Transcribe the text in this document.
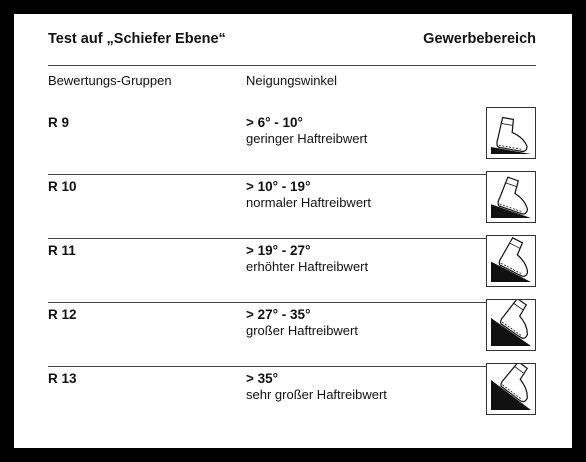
Test auf „Schiefer Ebene“	Gewerbebereich
Bewertungs-Gruppen	Neigungswinkel
R 9	> 6° - 10°
geringer Haftreibwert
R 10	> 10° - 19°
normaler Haftreibwert
R 11	> 19° - 27°
erhöhter Haftreibwert
R 12	> 27° - 35°
großer Haftreibwert
R 13	> 35°
sehr großer Haftreibwert
